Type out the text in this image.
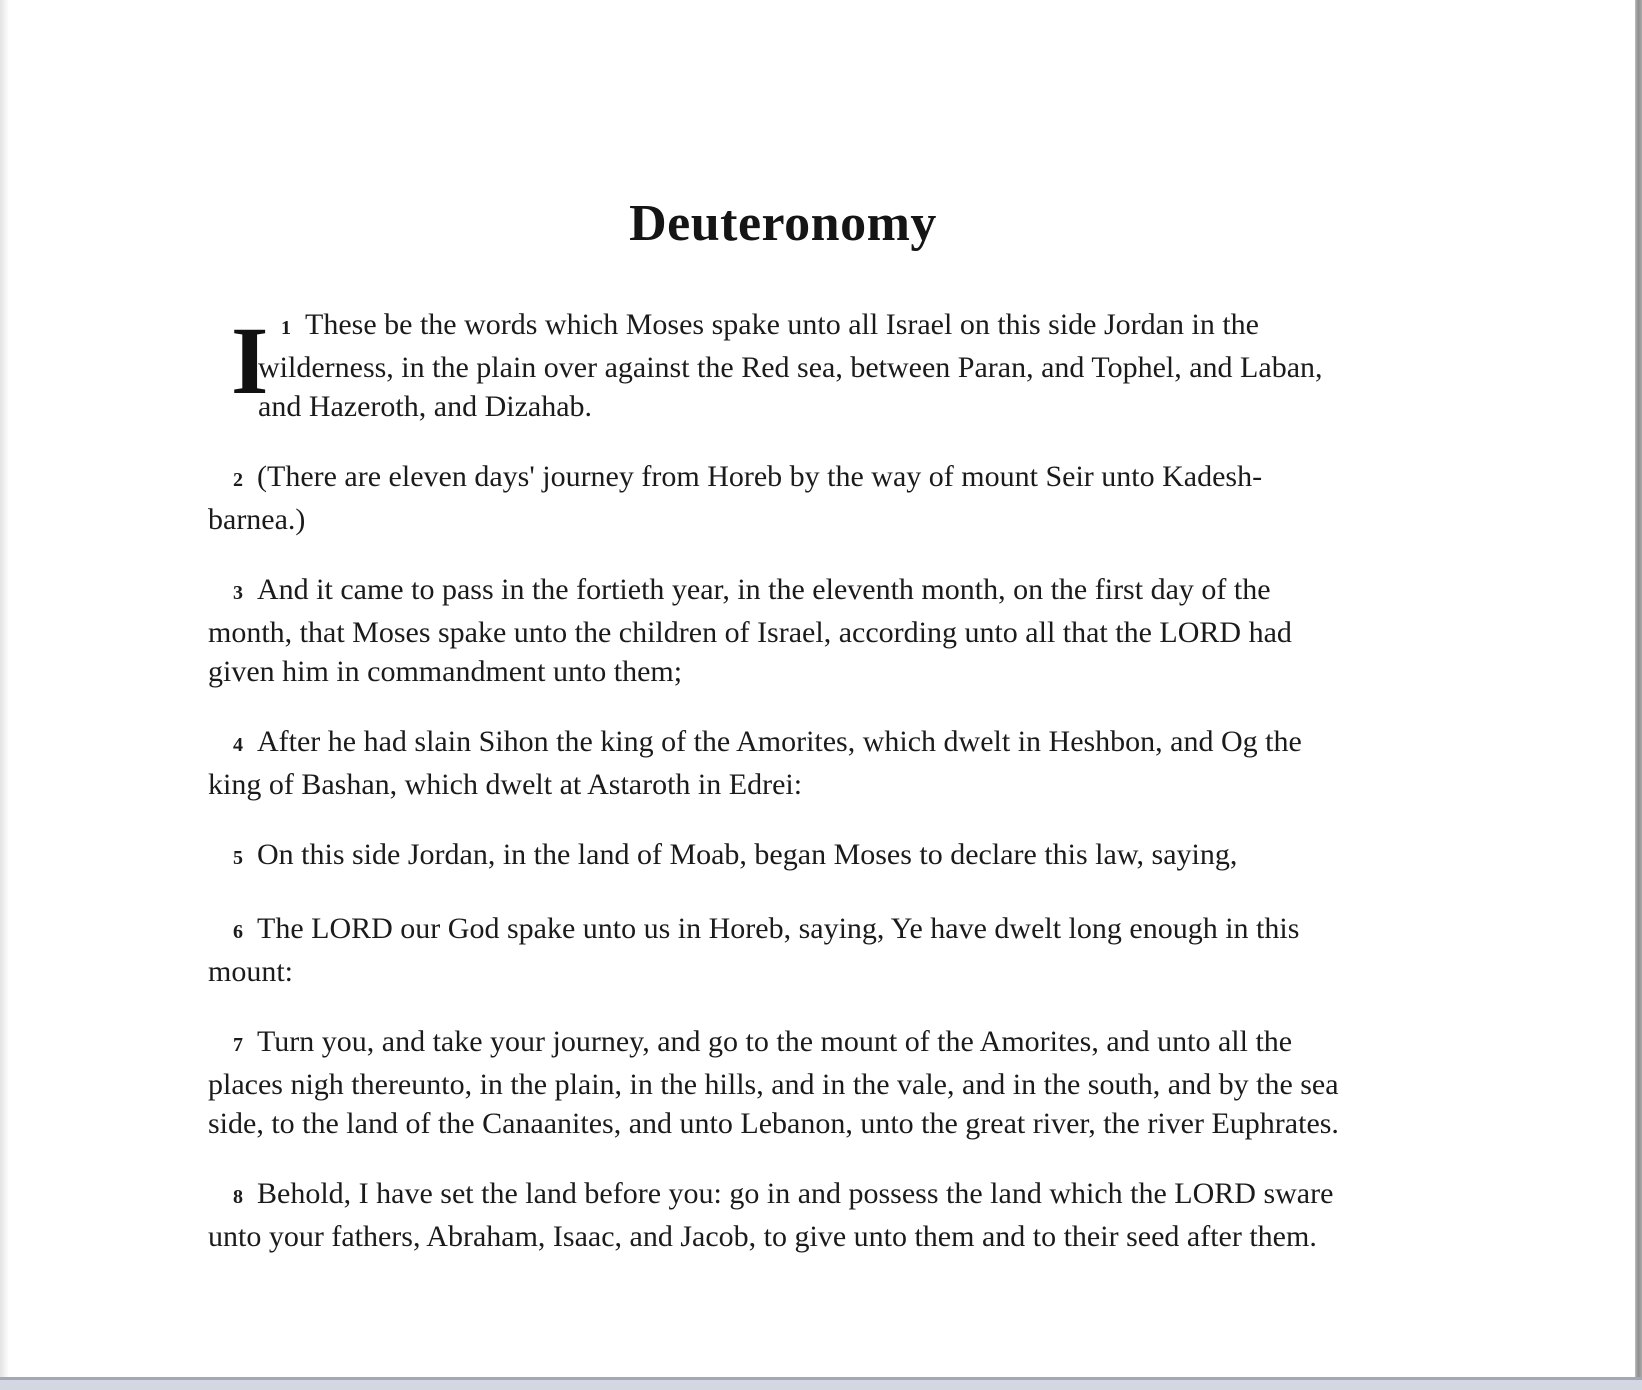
Deuteronomy

I 1 These be the words which Moses spake unto all Israel on this side Jordan in the wilderness, in the plain over against the Red sea, between Paran, and Tophel, and Laban, and Hazeroth, and Dizahab.

2 (There are eleven days' journey from Horeb by the way of mount Seir unto Kadesh-barnea.)

3 And it came to pass in the fortieth year, in the eleventh month, on the first day of the month, that Moses spake unto the children of Israel, according unto all that the LORD had given him in commandment unto them;

4 After he had slain Sihon the king of the Amorites, which dwelt in Heshbon, and Og the king of Bashan, which dwelt at Astaroth in Edrei:

5 On this side Jordan, in the land of Moab, began Moses to declare this law, saying,

6 The LORD our God spake unto us in Horeb, saying, Ye have dwelt long enough in this mount:

7 Turn you, and take your journey, and go to the mount of the Amorites, and unto all the places nigh thereunto, in the plain, in the hills, and in the vale, and in the south, and by the sea side, to the land of the Canaanites, and unto Lebanon, unto the great river, the river Euphrates.

8 Behold, I have set the land before you: go in and possess the land which the LORD sware unto your fathers, Abraham, Isaac, and Jacob, to give unto them and to their seed after them.
